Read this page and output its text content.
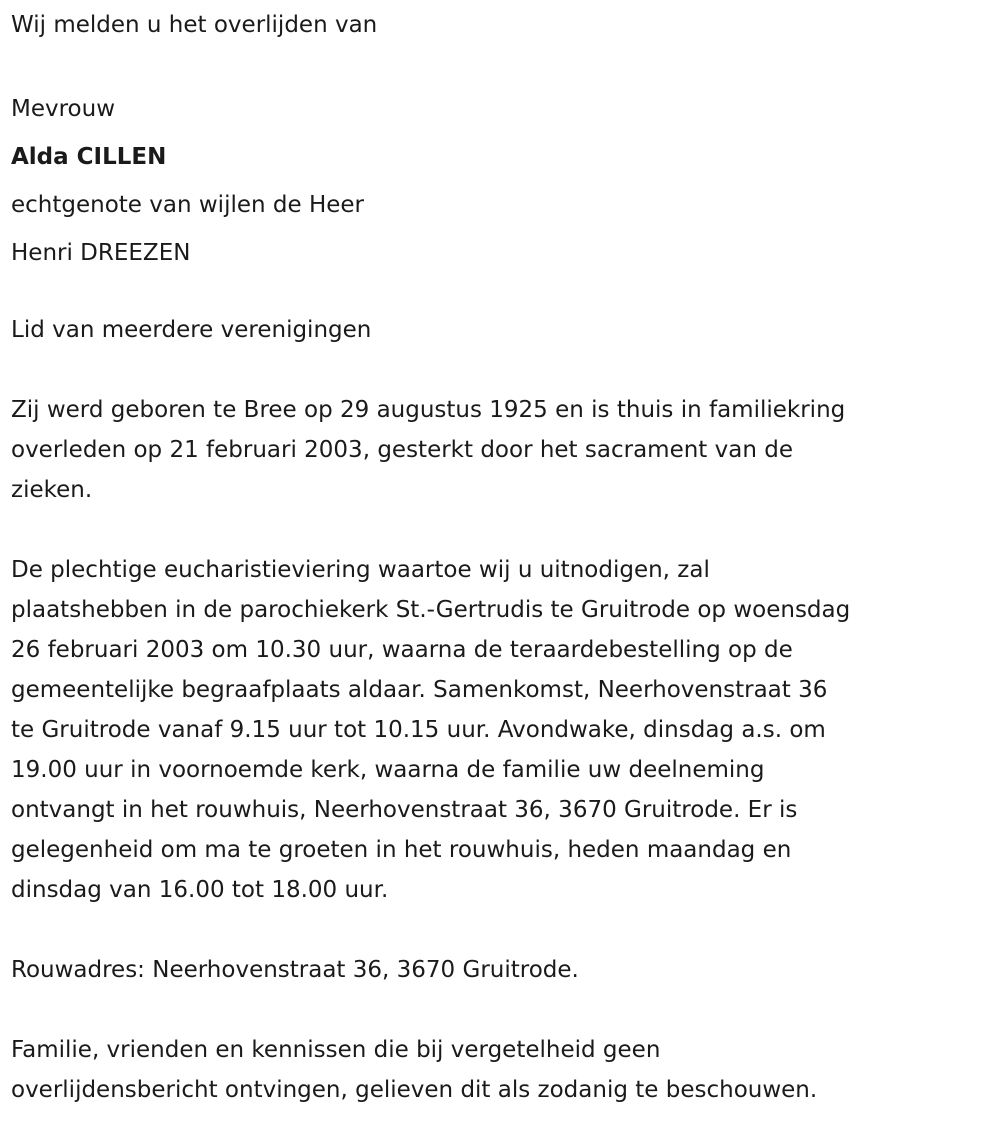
Wij melden u het overlijden van
Mevrouw
Alda CILLEN
echtgenote van wijlen de Heer
Henri DREEZEN
Lid van meerdere verenigingen
Zij werd geboren te Bree op 29 augustus 1925 en is thuis in familiekring
overleden op 21 februari 2003, gesterkt door het sacrament van de
zieken.
De plechtige eucharistieviering waartoe wij u uitnodigen, zal
plaatshebben in de parochiekerk St.-Gertrudis te Gruitrode op woensdag
26 februari 2003 om 10.30 uur, waarna de teraardebestelling op de
gemeentelijke begraafplaats aldaar. Samenkomst, Neerhovenstraat 36
te Gruitrode vanaf 9.15 uur tot 10.15 uur. Avondwake, dinsdag a.s. om
19.00 uur in voornoemde kerk, waarna de familie uw deelneming
ontvangt in het rouwhuis, Neerhovenstraat 36, 3670 Gruitrode. Er is
gelegenheid om ma te groeten in het rouwhuis, heden maandag en
dinsdag van 16.00 tot 18.00 uur.
Rouwadres: Neerhovenstraat 36, 3670 Gruitrode.
Familie, vrienden en kennissen die bij vergetelheid geen
overlijdensbericht ontvingen, gelieven dit als zodanig te beschouwen.
